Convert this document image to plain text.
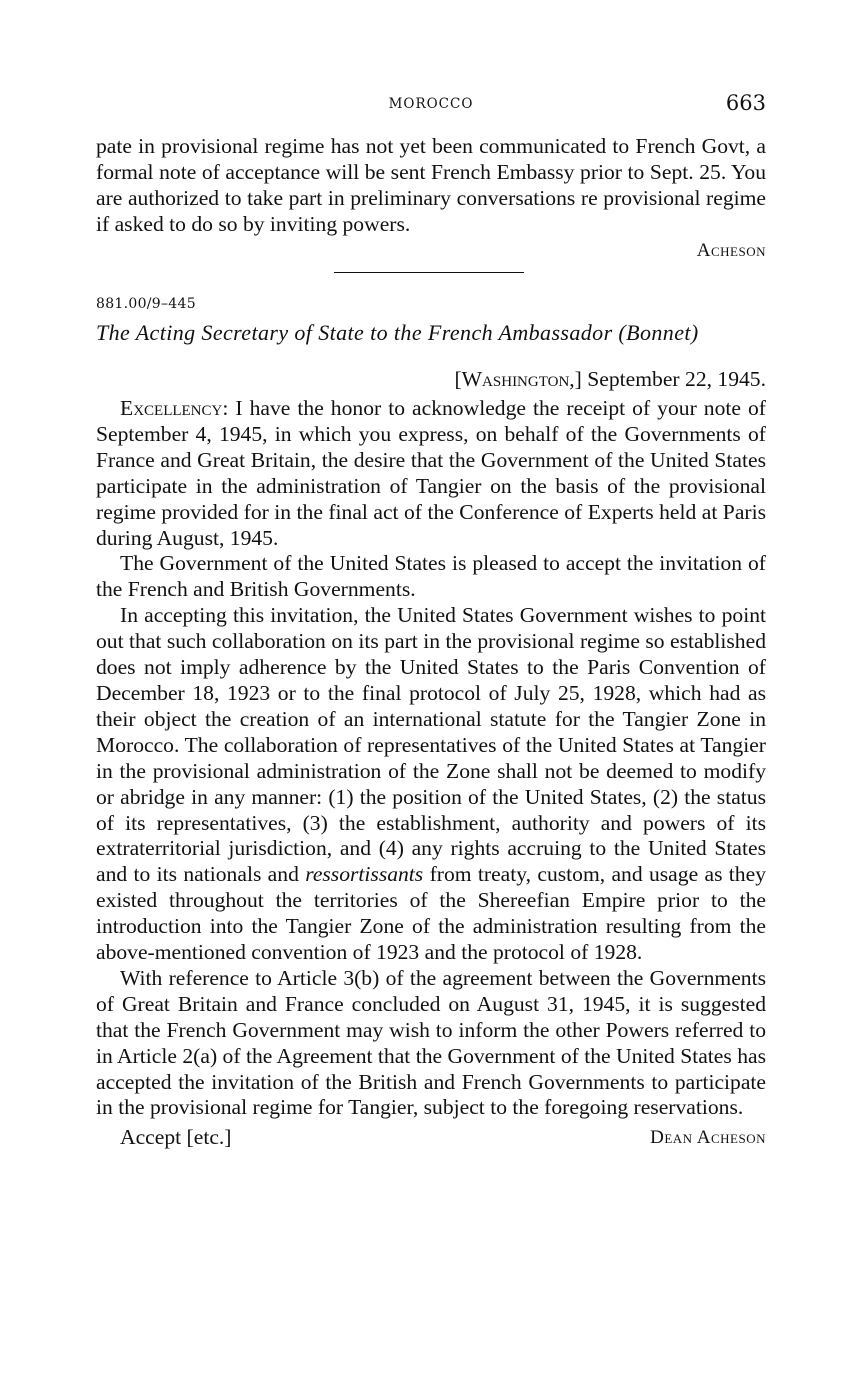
MOROCCO	663

pate in provisional regime has not yet been communicated to French Govt, a formal note of acceptance will be sent French Embassy prior to Sept. 25. You are authorized to take part in preliminary conversations re provisional regime if asked to do so by inviting powers.

Acheson

881.00/9–445
The Acting Secretary of State to the French Ambassador (Bonnet)
[Washington,] September 22, 1945.

Excellency: I have the honor to acknowledge the receipt of your note of September 4, 1945, in which you express, on behalf of the Governments of France and Great Britain, the desire that the Government of the United States participate in the administration of Tangier on the basis of the provisional regime provided for in the final act of the Conference of Experts held at Paris during August, 1945.

The Government of the United States is pleased to accept the invitation of the French and British Governments.

In accepting this invitation, the United States Government wishes to point out that such collaboration on its part in the provisional regime so established does not imply adherence by the United States to the Paris Convention of December 18, 1923 or to the final protocol of July 25, 1928, which had as their object the creation of an international statute for the Tangier Zone in Morocco. The collaboration of representatives of the United States at Tangier in the provisional administration of the Zone shall not be deemed to modify or abridge in any manner: (1) the position of the United States, (2) the status of its representatives, (3) the establishment, authority and powers of its extraterritorial jurisdiction, and (4) any rights accruing to the United States and to its nationals and ressortissants from treaty, custom, and usage as they existed throughout the territories of the Shereefian Empire prior to the introduction into the Tangier Zone of the administration resulting from the above-mentioned convention of 1923 and the protocol of 1928.

With reference to Article 3(b) of the agreement between the Governments of Great Britain and France concluded on August 31, 1945, it is suggested that the French Government may wish to inform the other Powers referred to in Article 2(a) of the Agreement that the Government of the United States has accepted the invitation of the British and French Governments to participate in the provisional regime for Tangier, subject to the foregoing reservations.

Accept [etc.]	Dean Acheson
